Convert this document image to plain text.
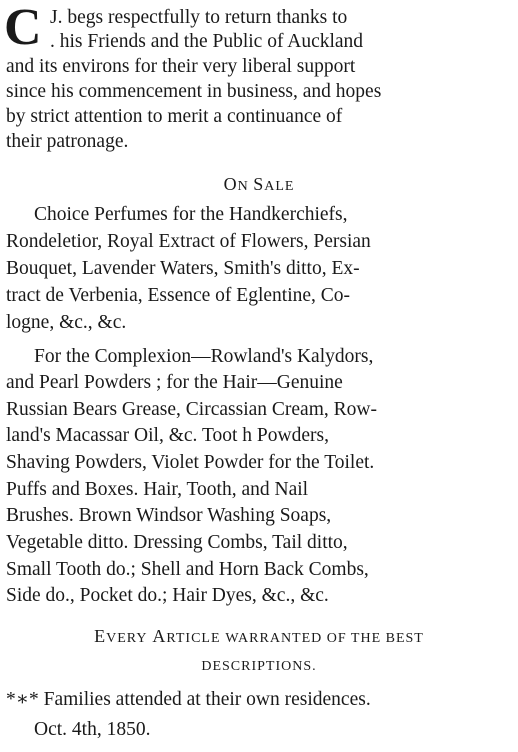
C J. begs respectfully to return thanks to
. his Friends and the Public of Auckland
and its environs for their very liberal support
since his commencement in business, and hopes
by strict attention to merit a continuance of
their patronage.
ON SALE
Choice Perfumes for the Handkerchiefs,
Rondeletior, Royal Extract of Flowers, Persian
Bouquet, Lavender Waters, Smith's ditto, Ex-
tract de Verbenia, Essence of Eglentine, Co-
logne, &c., &c.
For the Complexion—Rowland's Kalydors,
and Pearl Powders ; for the Hair—Genuine
Russian Bears Grease, Circassian Cream, Row-
land's Macassar Oil, &c. Toot h Powders,
Shaving Powders, Violet Powder for the Toilet.
Puffs and Boxes. Hair, Tooth, and Nail
Brushes. Brown Windsor Washing Soaps,
Vegetable ditto. Dressing Combs, Tail ditto,
Small Tooth do.; Shell and Horn Back Combs,
Side do., Pocket do.; Hair Dyes, &c., &c.
EVERY ARTICLE WARRANTED OF THE BEST
DESCRIPTIONS.
*∗* Families attended at their own residences.
Oct. 4th, 1850.
